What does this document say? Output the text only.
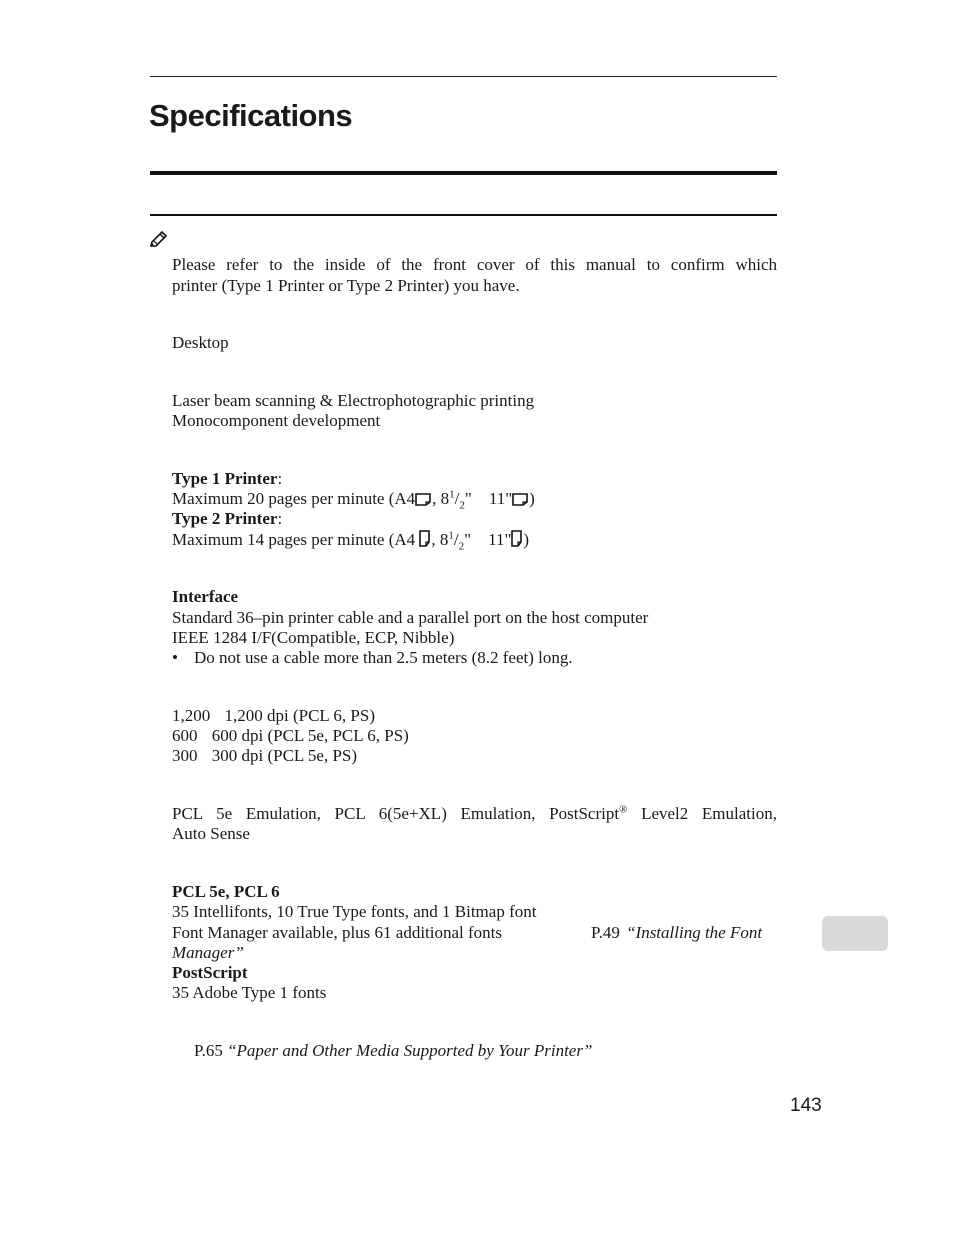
Specifications
Please refer to the inside of the front cover of this manual to confirm which
printer (Type 1 Printer or Type 2 Printer) you have.
Desktop
Laser beam scanning & Electrophotographic printing
Monocomponent development
Type 1 Printer:
Maximum 20 pages per minute (A4 , $8^1/_2$"    11" )
Type 2 Printer:
Maximum 14 pages per minute (A4 , $8^1/_2$"    11" )
Interface
Standard 36–pin printer cable and a parallel port on the host computer
IEEE 1284 I/F(Compatible, ECP, Nibble)
• Do not use a cable more than 2.5 meters (8.2 feet) long.
1,200 1,200 dpi (PCL 6, PS)
600 600 dpi (PCL 5e, PCL 6, PS)
300 300 dpi (PCL 5e, PS)
PCL 5e Emulation, PCL 6(5e+XL) Emulation, PostScript® Level2 Emulation,
Auto Sense
PCL 5e, PCL 6
35 Intellifonts, 10 True Type fonts, and 1 Bitmap font
Font Manager available, plus 61 additional fonts	P.49 “Installing the Font
Manager”
PostScript
35 Adobe Type 1 fonts
P.65 “Paper and Other Media Supported by Your Printer”
143
